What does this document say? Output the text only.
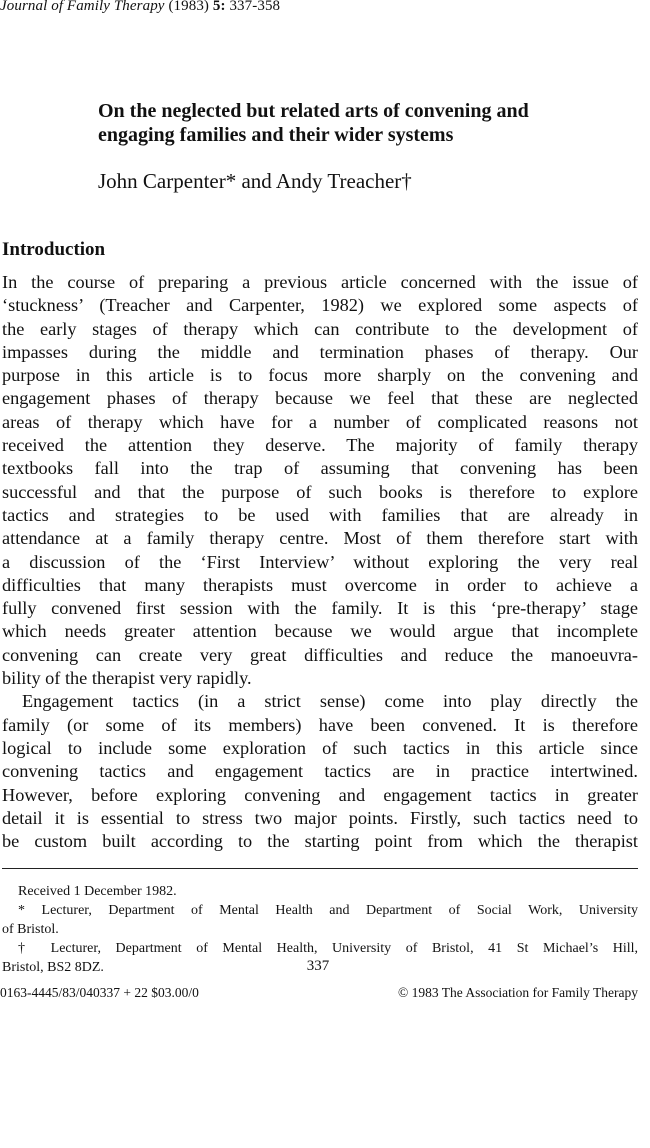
Journal of Family Therapy (1983) 5: 337-358
On the neglected but related arts of convening and
engaging families and their wider systems
John Carpenter* and Andy Treacher†
Introduction
In the course of preparing a previous article concerned with the issue of
‘stuckness’ (Treacher and Carpenter, 1982) we explored some aspects of
the early stages of therapy which can contribute to the development of
impasses during the middle and termination phases of therapy. Our
purpose in this article is to focus more sharply on the convening and
engagement phases of therapy because we feel that these are neglected
areas of therapy which have for a number of complicated reasons not
received the attention they deserve. The majority of family therapy
textbooks fall into the trap of assuming that convening has been
successful and that the purpose of such books is therefore to explore
tactics and strategies to be used with families that are already in
attendance at a family therapy centre. Most of them therefore start with
a discussion of the ‘First Interview’ without exploring the very real
difficulties that many therapists must overcome in order to achieve a
fully convened first session with the family. It is this ‘pre-therapy’ stage
which needs greater attention because we would argue that incomplete
convening can create very great difficulties and reduce the manoeuvra-
bility of the therapist very rapidly.
Engagement tactics (in a strict sense) come into play directly the
family (or some of its members) have been convened. It is therefore
logical to include some exploration of such tactics in this article since
convening tactics and engagement tactics are in practice intertwined.
However, before exploring convening and engagement tactics in greater
detail it is essential to stress two major points. Firstly, such tactics need to
be custom built according to the starting point from which the therapist
Received 1 December 1982.
* Lecturer, Department of Mental Health and Department of Social Work, University
of Bristol.
† Lecturer, Department of Mental Health, University of Bristol, 41 St Michael’s Hill,
Bristol, BS2 8DZ.	337
0163-4445/83/040337 + 22 $03.00/0	© 1983 The Association for Family Therapy
